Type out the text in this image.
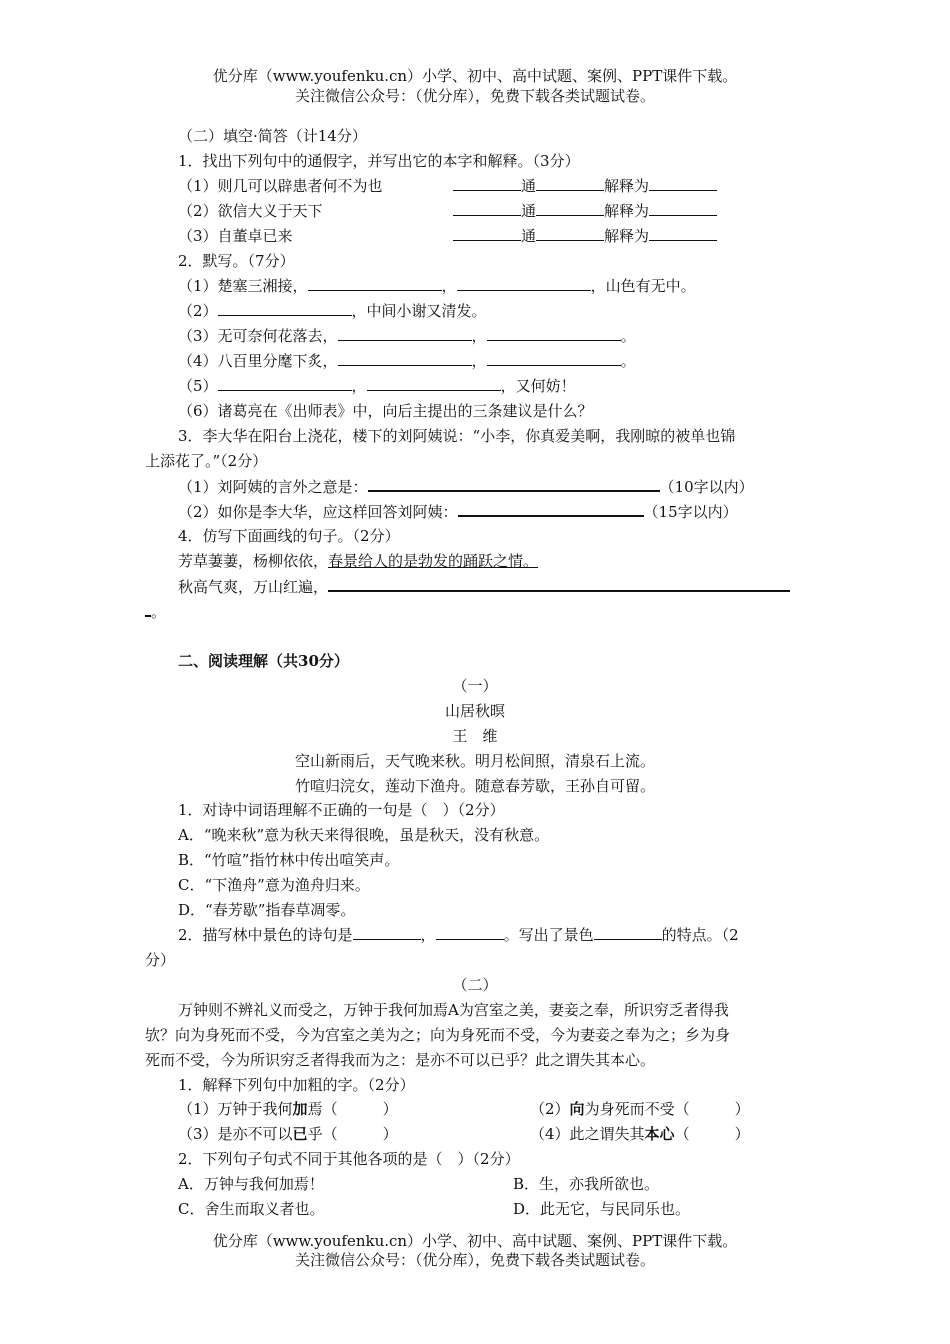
优分库（www.youfenku.cn）小学、初中、高中试题、案例、PPT课件下载。
关注微信公众号：（优分库），免费下载各类试题试卷。
（二）填空·简答（计14分）
1．找出下列句中的通假字，并写出它的本字和解释。（3分）
（1）则几可以辟患者何不为也	通	解释为
（2）欲信大义于天下	通	解释为
（3）自董卓已来	通	解释为
2．默写。（7分）
（1）楚塞三湘接，	，	，山色有无中。
（2）	，中间小谢又清发。
（3）无可奈何花落去，	，	。
（4）八百里分麾下炙，	，	。
（5）	，	，又何妨！
（6）诸葛亮在《出师表》中，向后主提出的三条建议是什么？
3．李大华在阳台上浇花，楼下的刘阿姨说：“小李，你真爱美啊，我刚晾的被单也锦
上添花了。”（2分）
（1）刘阿姨的言外之意是：	（10字以内）
（2）如你是李大华，应这样回答刘阿姨：	（15字以内）
4．仿写下面画线的句子。（2分）
芳草萋萋，杨柳依依，春景给人的是勃发的踊跃之情。
秋高气爽，万山红遍，
。
二、阅读理解（共30分）
（一）
山居秋暝
王　维
空山新雨后，天气晚来秋。明月松间照，清泉石上流。
竹喧归浣女，莲动下渔舟。随意春芳歇，王孙自可留。
1．对诗中词语理解不正确的一句是（　）（2分）
A．“晚来秋”意为秋天来得很晚，虽是秋天，没有秋意。
B．“竹喧”指竹林中传出喧笑声。
C．“下渔舟”意为渔舟归来。
D．“春芳歇”指春草凋零。
2．描写林中景色的诗句是	，	。写出了景色	的特点。（2
分）
（二）
万钟则不辨礼义而受之，万钟于我何加焉A为宫室之美，妻妾之奉，所识穷乏者得我
欤？向为身死而不受，今为宫室之美为之；向为身死而不受，今为妻妾之奉为之；乡为身
死而不受，今为所识穷乏者得我而为之：是亦不可以已乎？此之谓失其本心。
1．解释下列句中加粗的字。（2分）
（1）万钟于我何加焉（　　　）	（2）向为身死而不受（　　　）
（3）是亦不可以已乎（　　　）	（4）此之谓失其本心（　　　）
2．下列句子句式不同于其他各项的是（　）（2分）
A．万钟与我何加焉！	B．生，亦我所欲也。
C．舍生而取义者也。	D．此无它，与民同乐也。
优分库（www.youfenku.cn）小学、初中、高中试题、案例、PPT课件下载。
关注微信公众号：（优分库），免费下载各类试题试卷。
